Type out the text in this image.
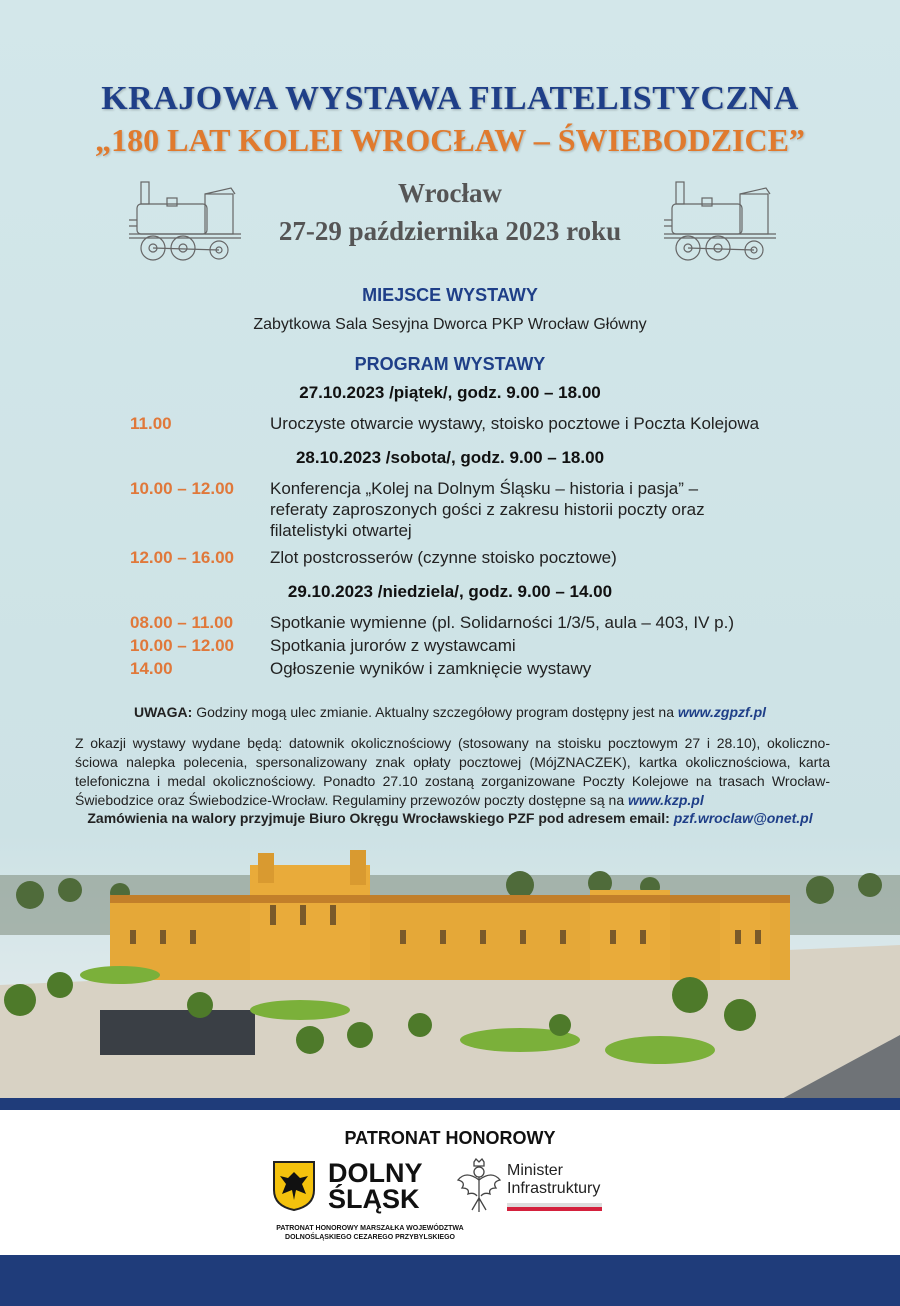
KRAJOWA WYSTAWA FILATELISTYCZNA
„180 LAT KOLEI WROCŁAW – ŚWIEBODZICE”
Wrocław
27-29 października 2023 roku
MIEJSCE WYSTAWY
Zabytkowa Sala Sesyjna Dworca PKP Wrocław Główny
PROGRAM WYSTAWY
27.10.2023 /piątek/, godz. 9.00 – 18.00
11.00	Uroczyste otwarcie wystawy, stoisko pocztowe i Poczta Kolejowa
28.10.2023 /sobota/, godz. 9.00 – 18.00
10.00 – 12.00 Konferencja „Kolej na Dolnym Śląsku – historia i pasja” – referaty zaproszonych gości z zakresu historii poczty oraz filatelistyki otwartej
12.00 – 16.00 Zlot postcrosserów (czynne stoisko pocztowe)
29.10.2023 /niedziela/, godz. 9.00 – 14.00
08.00 – 11.00 Spotkanie wymienne (pl. Solidarności 1/3/5, aula – 403, IV p.)
10.00 – 12.00 Spotkania jurorów z wystawcami
14.00	Ogłoszenie wyników i zamknięcie wystawy
UWAGA: Godziny mogą ulec zmianie. Aktualny szczegółowy program dostępny jest na www.zgpzf.pl
Z okazji wystawy wydane będą: datownik okolicznościowy (stosowany na stoisku pocztowym 27 i 28.10), okoliczno-ściowa nalepka polecenia, spersonalizowany znak opłaty pocztowej (MójZNACZEK), kartka okolicznościowa, karta telefoniczna i medal okolicznościowy. Ponadto 27.10 zostaną zorganizowane Poczty Kolejowe na trasach Wrocław-Świebodzice oraz Świebodzice-Wrocław. Regulaminy przewozów poczty dostępne są na www.kzp.pl
Zamówienia na walory przyjmuje Biuro Okręgu Wrocławskiego PZF pod adresem email: pzf.wroclaw@onet.pl
PATRONAT HONOROWY
DOLNY
ŚLĄSK
PATRONAT HONOROWY MARSZAŁKA WOJEWÓDZTWA
DOLNOŚLĄSKIEGO CEZAREGO PRZYBYLSKIEGO
Minister
Infrastruktury
